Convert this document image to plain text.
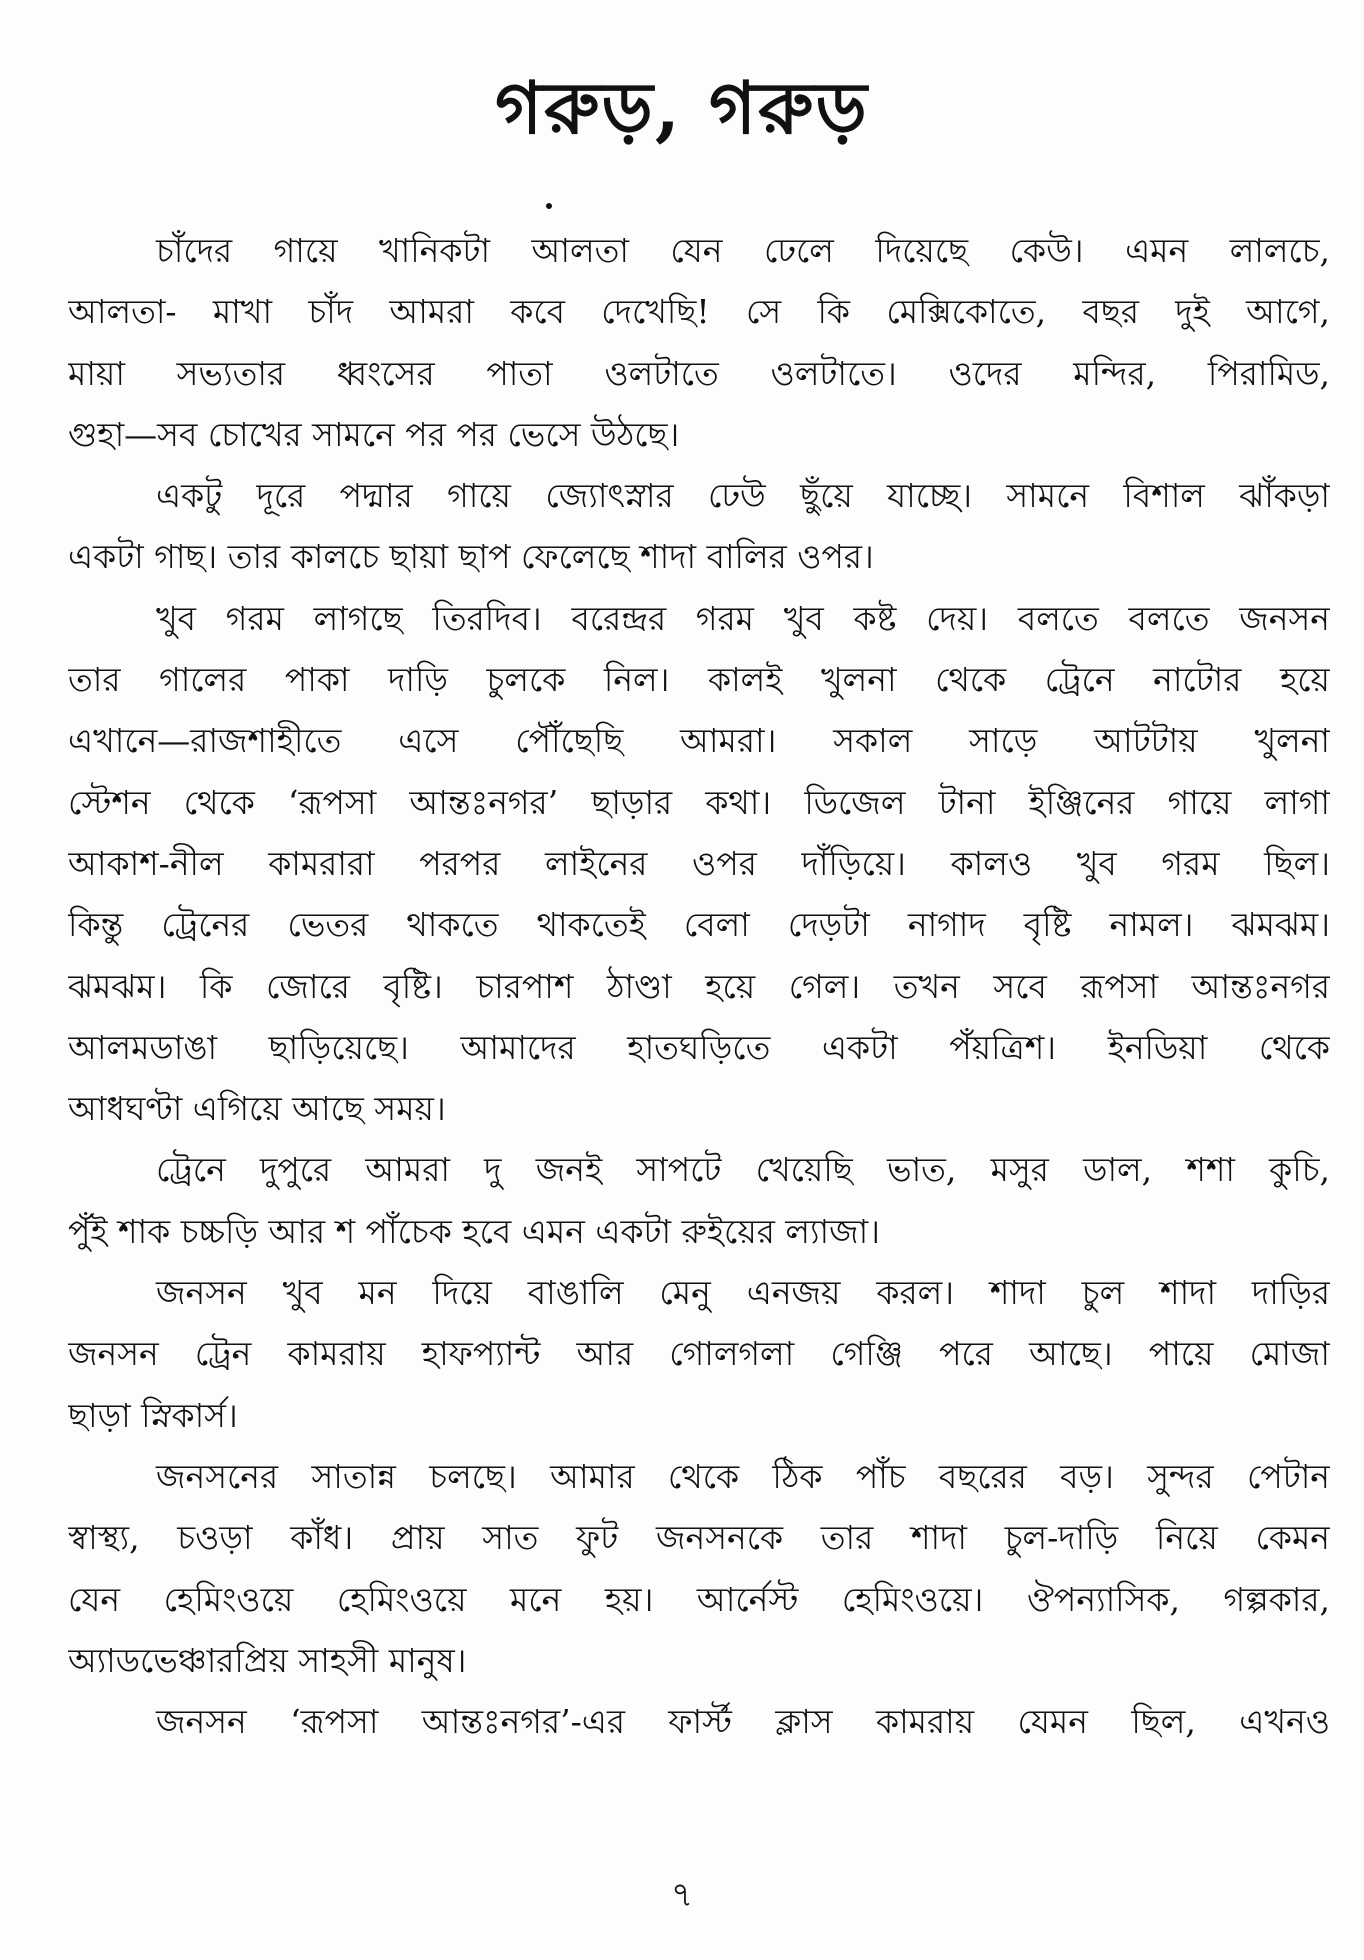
গরুড়, গরুড়
চাঁদের গায়ে খানিকটা আলতা যেন ঢেলে দিয়েছে কেউ। এমন লালচে,
আলতা- মাখা চাঁদ আমরা কবে দেখেছি! সে কি মেক্সিকোতে, বছর দুই আগে,
মায়া সভ্যতার ধ্বংসের পাতা ওলটাতে ওলটাতে। ওদের মন্দির, পিরামিড,
গুহা—সব চোখের সামনে পর পর ভেসে উঠছে।
একটু দূরে পদ্মার গায়ে জ্যোৎস্নার ঢেউ ছুঁয়ে যাচ্ছে। সামনে বিশাল ঝাঁকড়া
একটা গাছ। তার কালচে ছায়া ছাপ ফেলেছে শাদা বালির ওপর।
খুব গরম লাগছে তিরদিব। বরেন্দ্রর গরম খুব কষ্ট দেয়। বলতে বলতে জনসন
তার গালের পাকা দাড়ি চুলকে নিল। কালই খুলনা থেকে ট্রেনে নাটোর হয়ে
এখানে—রাজশাহীতে এসে পৌঁছেছি আমরা। সকাল সাড়ে আটটায় খুলনা
স্টেশন থেকে ‘রূপসা আন্তঃনগর’ ছাড়ার কথা। ডিজেল টানা ইঞ্জিনের গায়ে লাগা
আকাশ-নীল কামরারা পরপর লাইনের ওপর দাঁড়িয়ে। কালও খুব গরম ছিল।
কিন্তু ট্রেনের ভেতর থাকতে থাকতেই বেলা দেড়টা নাগাদ বৃষ্টি নামল। ঝমঝম।
ঝমঝম। কি জোরে বৃষ্টি। চারপাশ ঠাণ্ডা হয়ে গেল। তখন সবে রূপসা আন্তঃনগর
আলমডাঙা ছাড়িয়েছে। আমাদের হাতঘড়িতে একটা পঁয়ত্রিশ। ইনডিয়া থেকে
আধঘণ্টা এগিয়ে আছে সময়।
ট্রেনে দুপুরে আমরা দু জনই সাপটে খেয়েছি ভাত, মসুর ডাল, শশা কুচি,
পুঁই শাক চচ্চড়ি আর শ পাঁচেক হবে এমন একটা রুইয়ের ল্যাজা।
জনসন খুব মন দিয়ে বাঙালি মেনু এনজয় করল। শাদা চুল শাদা দাড়ির
জনসন ট্রেন কামরায় হাফপ্যান্ট আর গোলগলা গেঞ্জি পরে আছে। পায়ে মোজা
ছাড়া স্নিকার্স।
জনসনের সাতান্ন চলছে। আমার থেকে ঠিক পাঁচ বছরের বড়। সুন্দর পেটান
স্বাস্থ্য, চওড়া কাঁধ। প্রায় সাত ফুট জনসনকে তার শাদা চুল-দাড়ি নিয়ে কেমন
যেন হেমিংওয়ে হেমিংওয়ে মনে হয়। আর্নেস্ট হেমিংওয়ে। ঔপন্যাসিক, গল্পকার,
অ্যাডভেঞ্চারপ্রিয় সাহসী মানুষ।
জনসন ‘রূপসা আন্তঃনগর’-এর ফার্স্ট ক্লাস কামরায় যেমন ছিল, এখনও
৭
